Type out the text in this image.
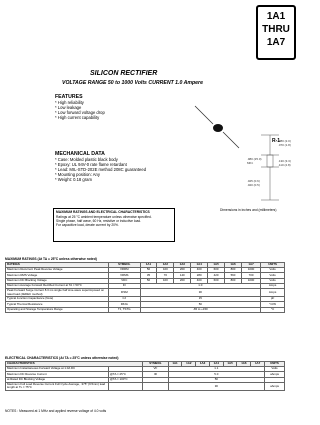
1A1
THRU
1A7
SILICON RECTIFIER
VOLTAGE RANGE 50 to 1000 Volts CURRENT 1.0 Ampere
FEATURES
* High reliability
* Low leakage
* Low forward voltage drop
* High current capability
MECHANICAL DATA
* Case: Molded plastic black body
* Epoxy: UL 94V-0 rate flame retardant
* Lead: MIL-STD-202E method 208C guaranteed
* Mounting position: Any
* Weight: 0.18 gram
.080 (2.0)
.070 (1.8)
.980 (25.0)
MIN.	.130 (3.3)
.110 (2.8)
.025 (0.6)
.020 (0.5)
R-1
Dimensions in inches and (millimeters)
MAXIMUM RATINGS AND ELECTRICAL CHARACTERISTICS
Ratings at 25 °C ambient temperature unless otherwise specified.
Single phase, half wave, 60 Hz, resistive or inductive load.
For capacitive load, derate current by 20%.
MAXIMUM RATINGS (At TA = 25°C unless otherwise noted)
RATINGS	SYMBOL	1A1	1A2	1A3	1A4	1A5	1A6	1A7	UNITS
Maximum Recurrent Peak Reverse Voltage	VRRM	50	100	200	400	600	800	1000	Volts
Maximum RMS Voltage	VRMS	35	70	140	280	420	560	700	Volts
Maximum DC Blocking Voltage	VDC	50	100	200	400	600	800	1000	Volts
Maximum Average Forward Rectified Current at TA = 50°C	IO	1.0							Amps
Peak Forward Surge Current 8.3 ms single half sine-wave superimposed on rated load (JEDEC method)	IFSM	30							Amps
Typical Junction Capacitance (Note)	CJ	15							pF
Typical Thermal Resistance	RθJA	50							°C/W
Operating and Storage Temperature Range	TJ, TSTG	-65 to +150							°C
ELECTRICAL CHARACTERISTICS (At TA = 25°C unless otherwise noted)
CHARACTERISTICS		SYMBOL	1A1	1A2	1A3	1A4	1A5	1A6	1A7	UNITS
Maximum Instantaneous Forward Voltage at 1.0A DC		VF	1.1							Volts
Maximum DC Reverse Current	@TA = 25°C	IR	5.0							uAmps
at Rated DC Blocking Voltage	@TA = 100°C		50							
Maximum Full Load Reverse Current Full Cycle Average, .375" (9.5mm) lead length at TL = 75°C			30							uAmps
NOTES : Measured at 1 MHz and applied reverse voltage of 4.0 volts
